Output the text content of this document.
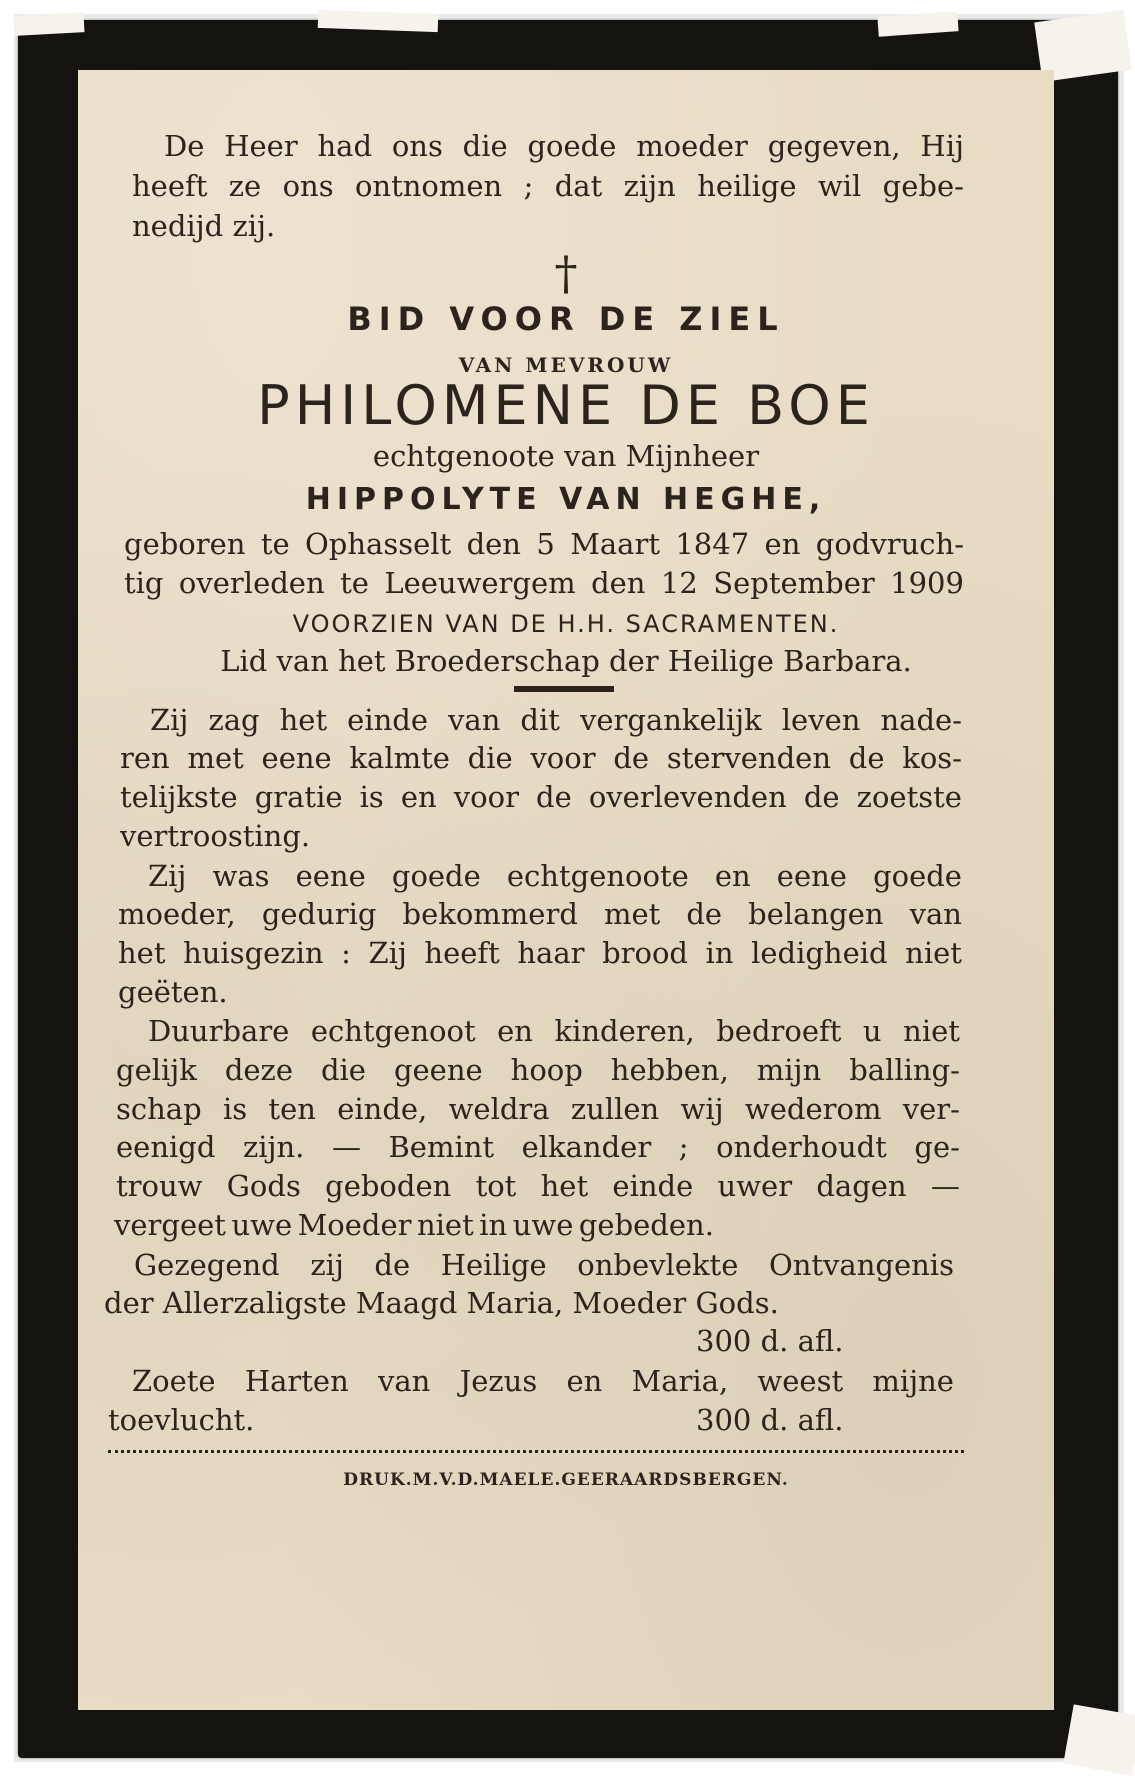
De Heer had ons die goede moeder gegeven, Hij
heeft ze ons ontnomen ; dat zijn heilige wil gebe-
nedijd zij.
†
BID VOOR DE ZIEL
VAN MEVROUW
PHILOMENE DE BOE
echtgenoote van Mijnheer
HIPPOLYTE VAN HEGHE,
geboren te Ophasselt den 5 Maart 1847 en godvruch-
tig overleden te Leeuwergem den 12 September 1909
VOORZIEN VAN DE H.H. SACRAMENTEN.
Lid van het Broederschap der Heilige Barbara.
Zij zag het einde van dit vergankelijk leven nade-
ren met eene kalmte die voor de stervenden de kos-
telijkste gratie is en voor de overlevenden de zoetste
vertroosting.
Zij was eene goede echtgenoote en eene goede
moeder, gedurig bekommerd met de belangen van
het huisgezin : Zij heeft haar brood in ledigheid niet
geëten.
Duurbare echtgenoot en kinderen, bedroeft u niet
gelijk deze die geene hoop hebben, mijn balling-
schap is ten einde, weldra zullen wij wederom ver-
eenigd zijn. — Bemint elkander ; onderhoudt ge-
trouw Gods geboden tot het einde uwer dagen —
vergeet uwe Moeder niet in uwe gebeden.
Gezegend zij de Heilige onbevlekte Ontvangenis
der Allerzaligste Maagd Maria, Moeder Gods.
300 d. afl.
Zoete Harten van Jezus en Maria, weest mijne
toevlucht.	300 d. afl.
DRUK.M.V.D.MAELE.GEERAARDSBERGEN.
